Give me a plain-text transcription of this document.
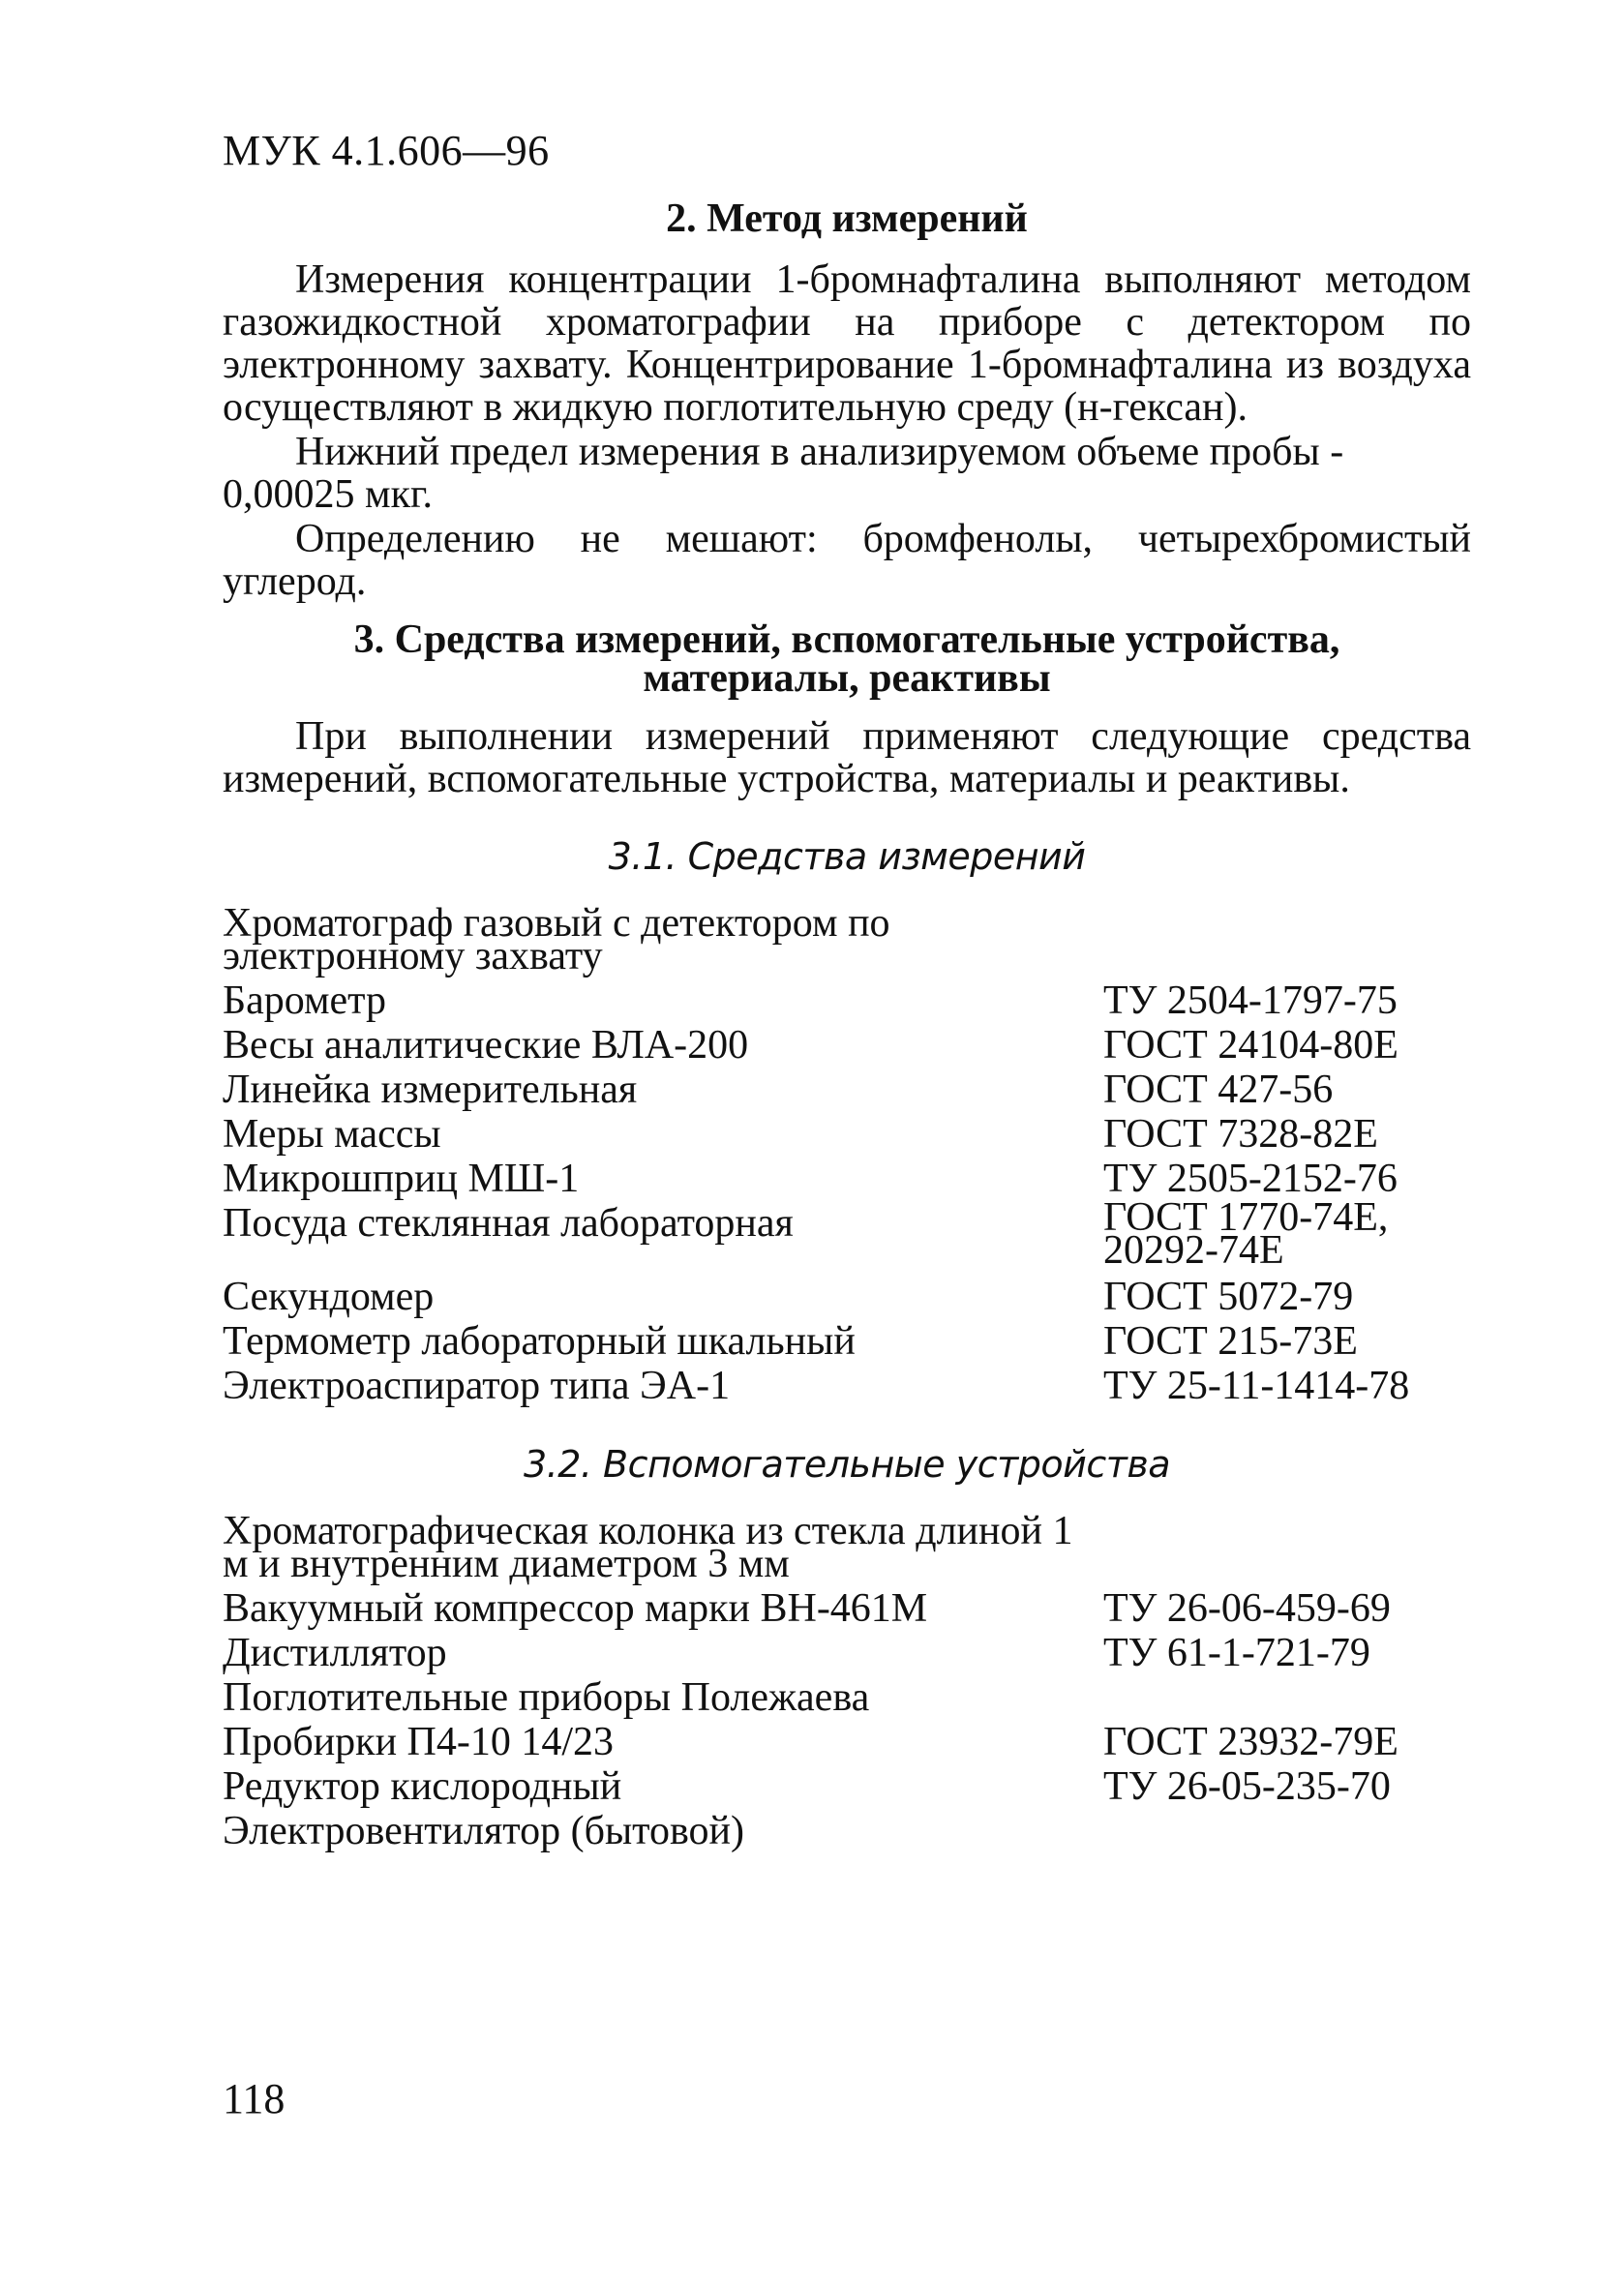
МУК 4.1.606—96
2. Метод измерений

Измерения концентрации 1-бромнафталина выполняют методом газожидкостной хроматографии на приборе с детектором по электронному захвату. Концентрирование 1-бромнафталина из воздуха осуществляют в жидкую поглотительную среду (н-гексан).

Нижний предел измерения в анализируемом объеме пробы - 0,00025 мкг.

Определению не мешают: бромфенолы, четырехбромистый углерод.

3. Средства измерений, вспомогательные устройства,
материалы, реактивы

При выполнении измерений применяют следующие средства измерений, вспомогательные устройства, материалы и реактивы.

3.1. Средства измерений
Хроматограф газовый с детектором по электронному захвату
Барометр	ТУ 2504-1797-75
Весы аналитические ВЛА-200	ГОСТ 24104-80Е
Линейка измерительная	ГОСТ 427-56
Меры массы	ГОСТ 7328-82Е
Микрошприц МШ-1	ТУ 2505-2152-76
Посуда стеклянная лабораторная	ГОСТ 1770-74Е, 20292-74Е
Секундомер	ГОСТ 5072-79
Термометр лабораторный шкальный	ГОСТ 215-73Е
Электроаспиратор типа ЭА-1	ТУ 25-11-1414-78
3.2. Вспомогательные устройства
Хроматографическая колонка из стекла длиной 1 м и внутренним диаметром 3 мм
Вакуумный компрессор марки ВН-461М	ТУ 26-06-459-69
Дистиллятор	ТУ 61-1-721-79
Поглотительные приборы Полежаева
Пробирки П4-10 14/23	ГОСТ 23932-79Е
Редуктор кислородный	ТУ 26-05-235-70
Электровентилятор (бытовой)
118
